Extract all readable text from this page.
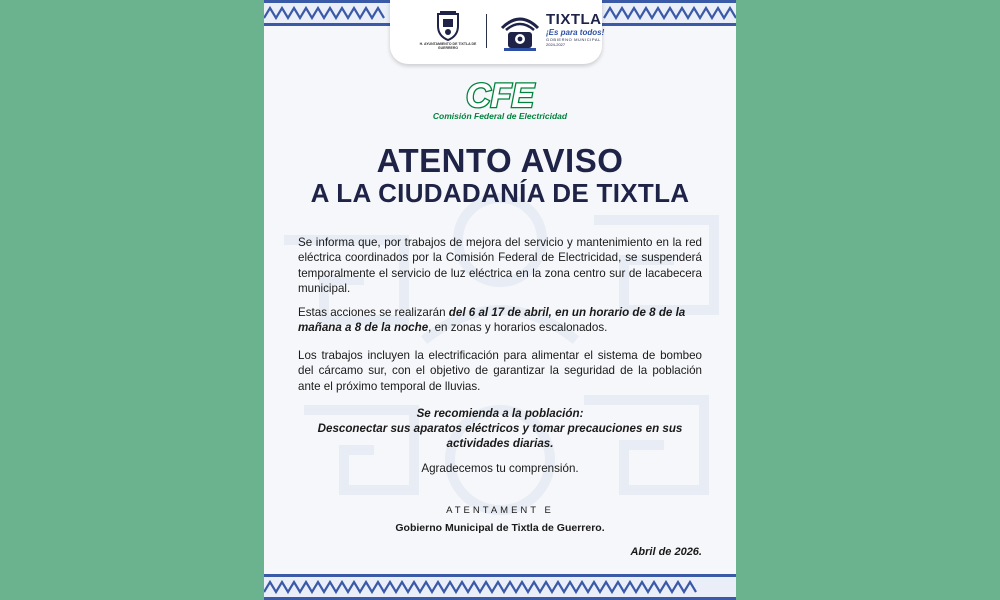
H. AYUNTAMIENTO DE TIXTLA DE GUERRERO
TIXTLA
¡Es para todos!
GOBIERNO MUNICIPAL
2024-2027
CFE
Comisión Federal de Electricidad
ATENTO AVISO
A LA CIUDADANÍA DE TIXTLA

Se informa que, por trabajos de mejora del servicio y mantenimiento en la red eléctrica coordinados por la Comisión Federal de Electricidad, se suspenderá temporalmente el servicio de luz eléctrica en la zona centro sur de lacabecera municipal.

Estas acciones se realizarán del 6 al 17 de abril, en un horario de 8 de la mañana a 8 de la noche, en zonas y horarios escalonados.

Los trabajos incluyen la electrificación para alimentar el sistema de bombeo del cárcamo sur, con el objetivo de garantizar la seguridad de la población ante el próximo temporal de lluvias.

Se recomienda a la población:
Desconectar sus aparatos eléctricos y tomar precauciones en sus actividades diarias.
Agradecemos tu comprensión.
ATENTAMENT E
Gobierno Municipal de Tixtla de Guerrero.
Abril de 2026.
